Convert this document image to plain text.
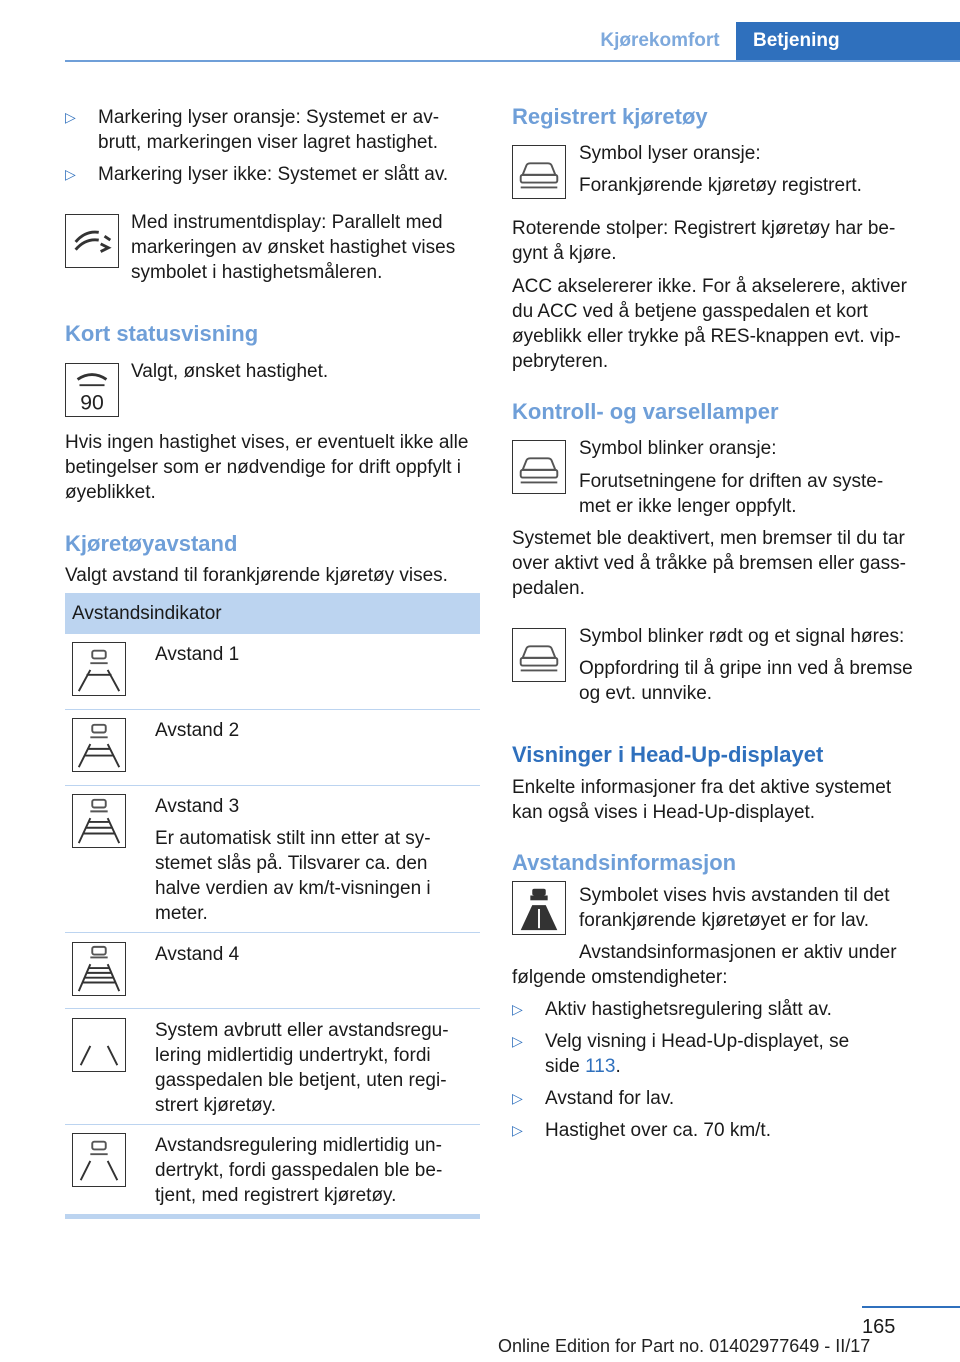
Kjørekomfort	Betjening
▷ Markering lyser oransje: Systemet er av-
brutt, markeringen viser lagret hastighet.
▷ Markering lyser ikke: Systemet er slått av.
Med instrumentdisplay: Parallelt med markeringen av ønsket hastighet vises symbolet i hastighetsmåleren.
Kort statusvisning
90
Valgt, ønsket hastighet.
Hvis ingen hastighet vises, er eventuelt ikke alle betingelser som er nødvendige for drift oppfylt i øyeblikket.
Kjøretøyavstand
Valgt avstand til forankjørende kjøretøy vises.
Avstandsindikator
Avstand 1
Avstand 2
Avstand 3
Er automatisk stilt inn etter at sy-
stemet slås på. Tilsvarer ca. den
halve verdien av km/t-visningen i
meter.
Avstand 4
System avbrutt eller avstandsregu-
lering midlertidig undertrykt, fordi
gasspedalen ble betjent, uten regi-
strert kjøretøy.
Avstandsregulering midlertidig un-
dertrykt, fordi gasspedalen ble be-
tjent, med registrert kjøretøy.
Registrert kjøretøy
Symbol lyser oransje:
Forankjørende kjøretøy registrert.
Roterende stolper: Registrert kjøretøy har be-
gynt å kjøre.
ACC akselererer ikke. For å akselerere, aktiver
du ACC ved å betjene gasspedalen et kort
øyeblikk eller trykke på RES-knappen evt. vip-
pebryteren.
Kontroll- og varsellamper
Symbol blinker oransje:
Forutsetningene for driften av syste-
met er ikke lenger oppfylt.
Systemet ble deaktivert, men bremser til du tar
over aktivt ved å tråkke på bremsen eller gass-
pedalen.
Symbol blinker rødt og et signal høres:
Oppfordring til å gripe inn ved å bremse
og evt. unnvike.
Visninger i Head-Up-displayet
Enkelte informasjoner fra det aktive systemet
kan også vises i Head-Up-displayet.
Avstandsinformasjon
Symbolet vises hvis avstanden til det
forankjørende kjøretøyet er for lav.
Avstandsinformasjonen er aktiv under
følgende omstendigheter:
▷ Aktiv hastighetsregulering slått av.
▷ Velg visning i Head-Up-displayet, se
side 113.
▷ Avstand for lav.
▷ Hastighet over ca. 70 km/t.
165
Online Edition for Part no. 01402977649 - II/17
